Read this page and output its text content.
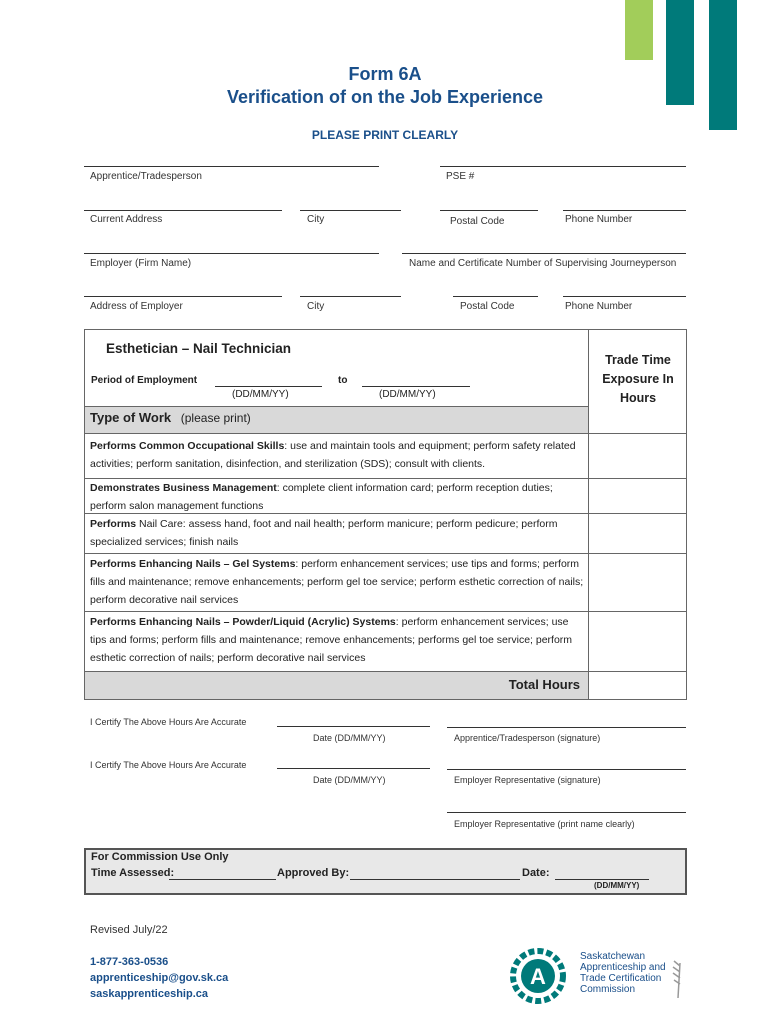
Form 6A
Verification of on the Job Experience
PLEASE PRINT CLEARLY
Apprentice/Tradesperson	PSE #
Current Address	City	Postal Code	Phone Number
Employer (Firm Name)	Name and Certificate Number of Supervising Journeyperson
Address of Employer	City	Postal Code	Phone Number
Esthetician – Nail Technician
Period of Employment
(DD/MM/YY)
to
(DD/MM/YY)
Trade Time Exposure In Hours
Type of Work (please print)
Performs Common Occupational Skills: use and maintain tools and equipment; perform safety related activities; perform sanitation, disinfection, and sterilization (SDS); consult with clients.
Demonstrates Business Management: complete client information card; perform reception duties; perform salon management functions
Performs Nail Care: assess hand, foot and nail health; perform manicure; perform pedicure; perform specialized services; finish nails
Performs Enhancing Nails – Gel Systems: perform enhancement services; use tips and forms; perform fills and maintenance; remove enhancements; perform gel toe service; perform esthetic correction of nails; perform decorative nail services
Performs Enhancing Nails – Powder/Liquid (Acrylic) Systems: perform enhancement services; use tips and forms; perform fills and maintenance; remove enhancements; performs gel toe service; perform esthetic correction of nails; perform decorative nail services
Total Hours
I Certify The Above Hours Are Accurate
Date (DD/MM/YY)	Apprentice/Tradesperson (signature)
I Certify The Above Hours Are Accurate
Date (DD/MM/YY)	Employer Representative (signature)
Employer Representative (print name clearly)
For Commission Use Only
Time Assessed:	Approved By:	Date:
(DD/MM/YY)
Revised July/22
1-877-363-0536
apprenticeship@gov.sk.ca
saskapprenticeship.ca
A
Saskatchewan
Apprenticeship and
Trade Certification
Commission
